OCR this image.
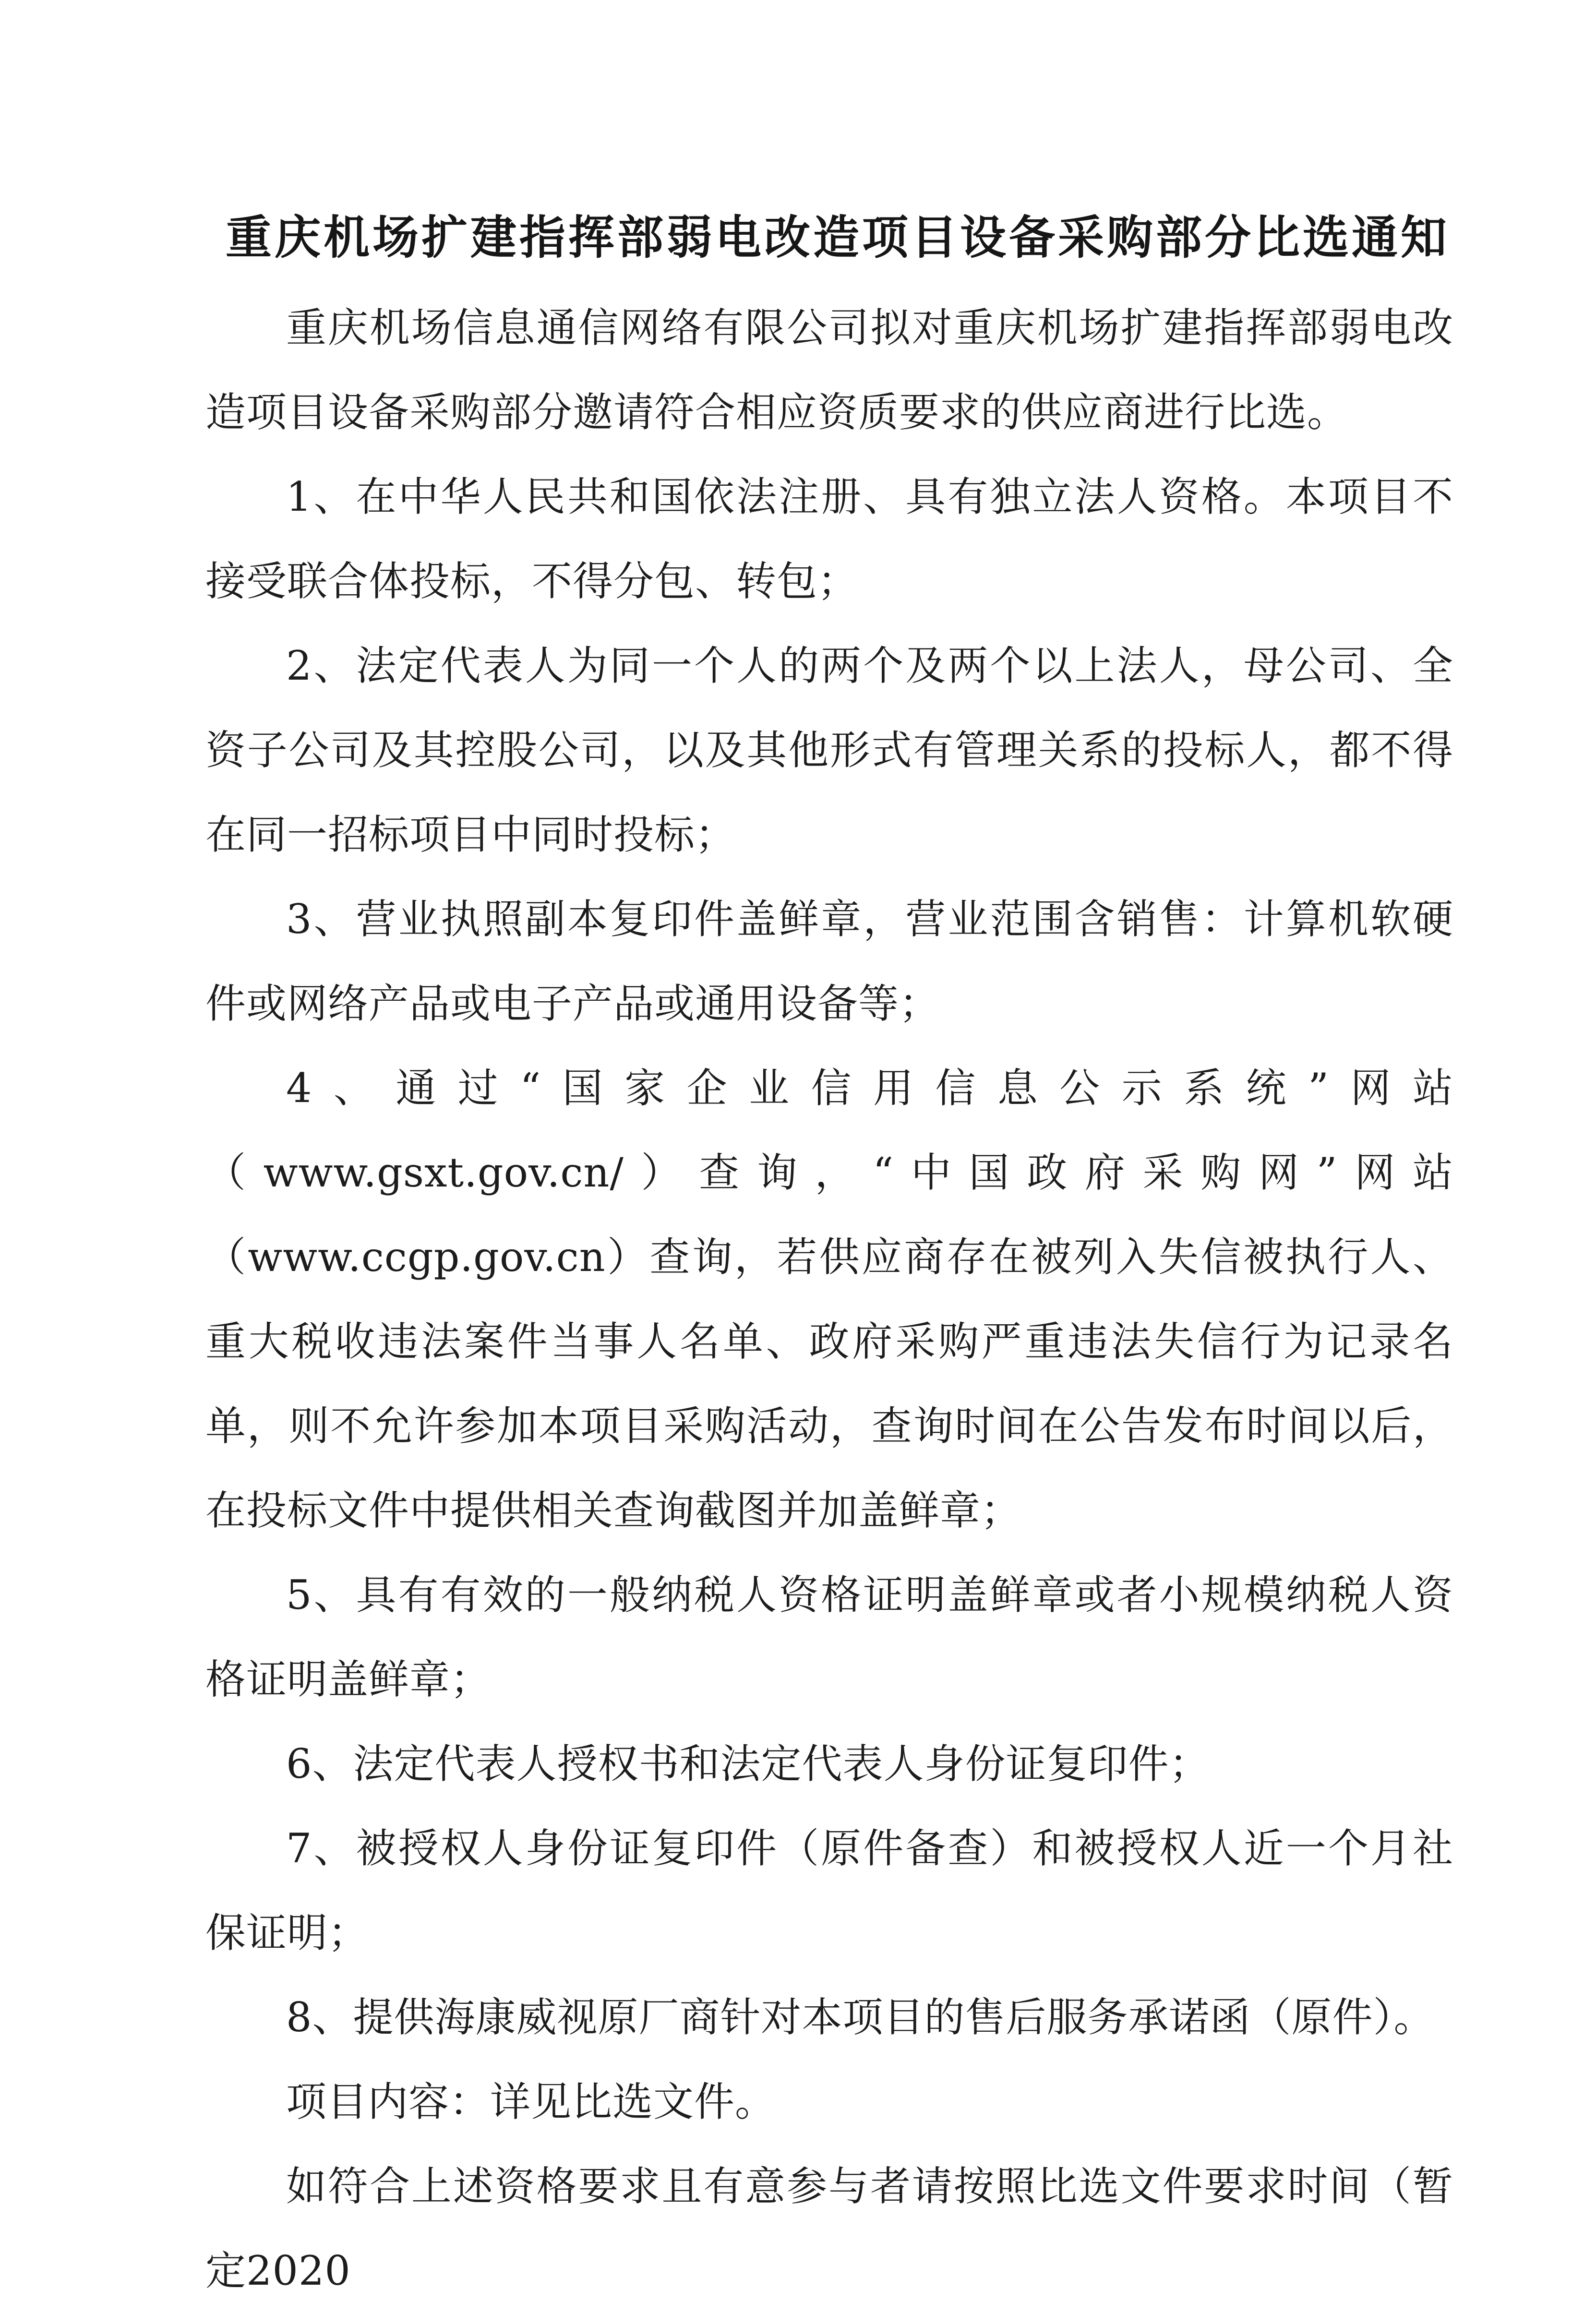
重庆机场扩建指挥部弱电改造项目设备采购部分比选通知

重庆机场信息通信网络有限公司拟对重庆机场扩建指挥部弱电改造项目设备采购部分邀请符合相应资质要求的供应商进行比选。

1、在中华人民共和国依法注册、具有独立法人资格。本项目不接受联合体投标，不得分包、转包；

2、法定代表人为同一个人的两个及两个以上法人，母公司、全资子公司及其控股公司，以及其他形式有管理关系的投标人，都不得在同一招标项目中同时投标；

3、营业执照副本复印件盖鲜章，营业范围含销售：计算机软硬件或网络产品或电子产品或通用设备等；

4、通过“国家企业信用信息公示系统”网站（www.gsxt.gov.cn/）查询，“中国政府采购网”网站（www.ccgp.gov.cn）查询，若供应商存在被列入失信被执行人、重大税收违法案件当事人名单、政府采购严重违法失信行为记录名单，则不允许参加本项目采购活动，查询时间在公告发布时间以后，在投标文件中提供相关查询截图并加盖鲜章；

5、具有有效的一般纳税人资格证明盖鲜章或者小规模纳税人资格证明盖鲜章；

6、法定代表人授权书和法定代表人身份证复印件；

7、被授权人身份证复印件（原件备查）和被授权人近一个月社保证明；

8、提供海康威视原厂商针对本项目的售后服务承诺函（原件）。

项目内容：详见比选文件。

如符合上述资格要求且有意参与者请按照比选文件要求时间（暂定2020
